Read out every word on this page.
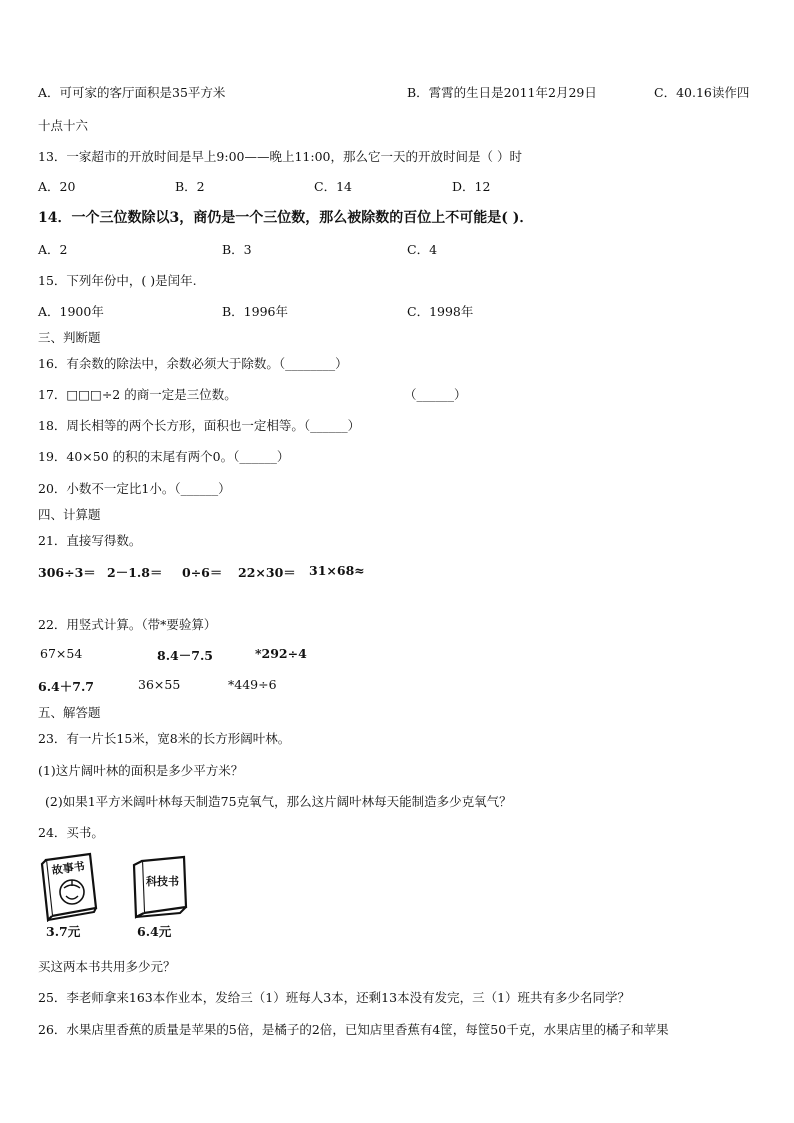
A．可可家的客厅面积是35平方米	B．霄霄的生日是2011年2月29日	C．40.16读作四
十点十六
13．一家超市的开放时间是早上9:00——晚上11:00，那么它一天的开放时间是（ ）时
A．20	B．2	C．14	D．12
14．一个三位数除以3，商仍是一个三位数，那么被除数的百位上不可能是( )．
A．2	B．3	C．4
15．下列年份中，( )是闰年.
A．1900年	B．1996年	C．1998年
三、判断题
16．有余数的除法中，余数必须大于除数。（________）
17．□□□÷2 的商一定是三位数。	（______）
18．周长相等的两个长方形，面积也一定相等。（______）
19．40×50 的积的末尾有两个0。（______）
20．小数不一定比1小。（______）
四、计算题
21．直接写得数。
306÷3＝ 2－1.8＝ 0÷6＝ 22×30＝ 31×68≈
22．用竖式计算。（带*要验算）
67×54	8.4－7.5	*292÷4
6.4＋7.7	36×55	*449÷6
五、解答题
23．有一片长15米，宽8米的长方形阔叶林。
(1)这片阔叶林的面积是多少平方米？
(2)如果1平方米阔叶林每天制造75克氧气，那么这片阔叶林每天能制造多少克氧气？
24．买书。
故事书
3.7元
科技书
6.4元
买这两本书共用多少元？
25．李老师拿来163本作业本，发给三（1）班每人3本，还剩13本没有发完，三（1）班共有多少名同学？
26．水果店里香蕉的质量是苹果的5倍，是橘子的2倍，已知店里香蕉有4筐，每筐50千克，水果店里的橘子和苹果
